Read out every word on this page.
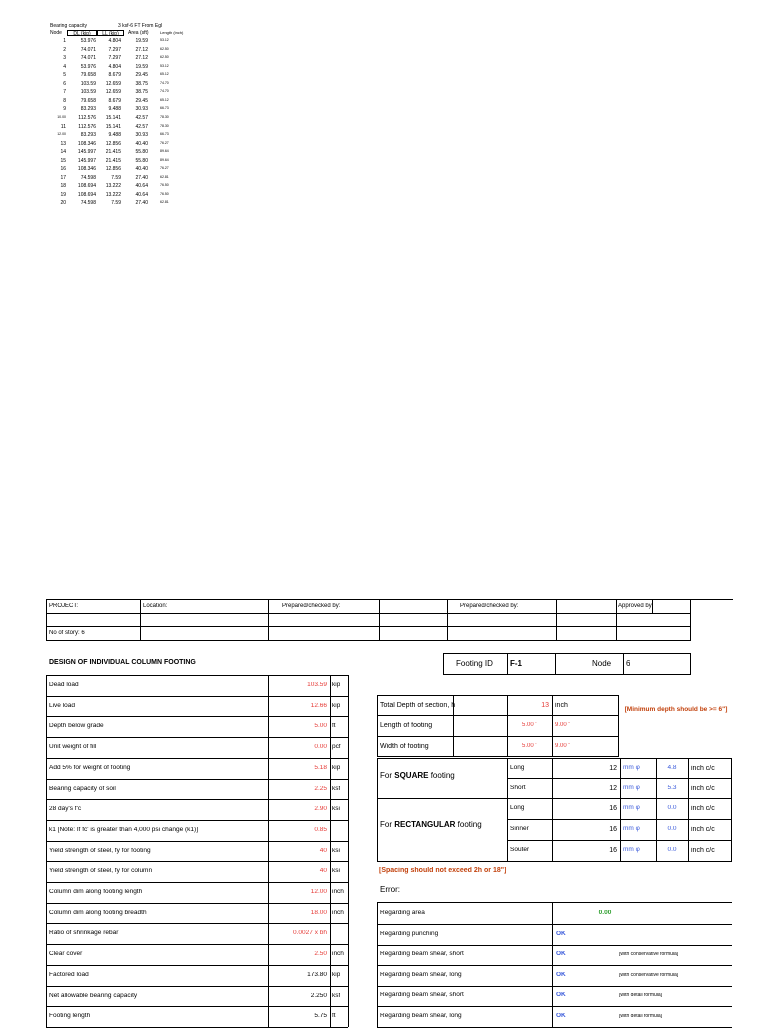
Bearing capacity	3 ksf-6 FT From Egl
Node	DL (kip)	LL (kip)	Area (sft)	Length (inch)
1	53.976	4.804	19.59	53.12
2	74.071	7.297	27.12	62.50
3	74.071	7.297	27.12	62.50
4	53.976	4.804	19.59	53.12
5	79.658	8.679	29.45	65.12
6	103.59	12.659	38.75	74.70
7	103.59	12.659	38.75	74.70
8	79.658	8.679	29.45	65.12
9	83.293	9.488	30.93	66.73
10.00	112.576	15.141	42.57	78.30
11	112.576	15.141	42.57	78.30
12.00	83.293	9.488	30.93	66.73
13	108.346	12.856	40.40	76.27
14	145.997	21.415	55.80	89.64
15	145.997	21.415	55.80	89.64
16	108.346	12.856	40.40	76.27
17	74.598	7.59	27.40	62.81
18	108.694	13.222	40.64	76.50
19	108.694	13.222	40.64	76.50
20	74.598	7.59	27.40	62.81
PROJECT:	Location:	Prepared/checked by:	Prepared/checked by:	Approved by:
No of story: 6
DESIGN OF INDIVIDUAL COLUMN FOOTING	Footing ID F-1	Node 6
Dead load	103.59 kip
Live load	12.66 kip
Depth below grade	5.00 ft
Unit weight of fill	0.00 pcf
Add 5% for weight of footing	5.18 kip
Bearing capacity of soil	2.25 ksf
28 day's f'c	2.90 ksi
k1 [Note: If fc' is greater than 4,000 psi change (k1)]	0.85
Yield strength of steel, fy for footing	40 ksi
Yield strength of steel, fy for column	40 ksi
Column dim along footing length	12.00 inch
Column dim along footing breadth	18.00 inch
Ratio of shrinkage rebar	0.0027 x bh
Clear cover	2.50 inch
Factored load	173.80 kip
Net allowable bearing capacity	2.250 ksf
Footing length	5.75 ft
Total Depth of section, h	13 inch
[Minimum depth should be >= 6"]
Length of footing	5.00 '	9.00 "
Width of footing	5.00 '	9.00 "
For SQUARE footing
For RECTANGULAR footing
Long	12 mm φ	4.8	inch c/c
Short	12 mm φ	5.3	inch c/c
Long	16 mm φ	0.0	inch c/c
Sinner	16 mm φ	0.0	inch c/c
Souter	16 mm φ	0.0	inch c/c
[Spacing should not exceed 2h or 18"]
Error:
Regarding area	0.00
Regarding punching	OK
Regarding beam shear, short	OK	[with conservative formula]
Regarding beam shear, long	OK	[with conservative formula]
Regarding beam shear, short	OK	[with detail formula]
Regarding beam shear, long	OK	[with detail formula]
